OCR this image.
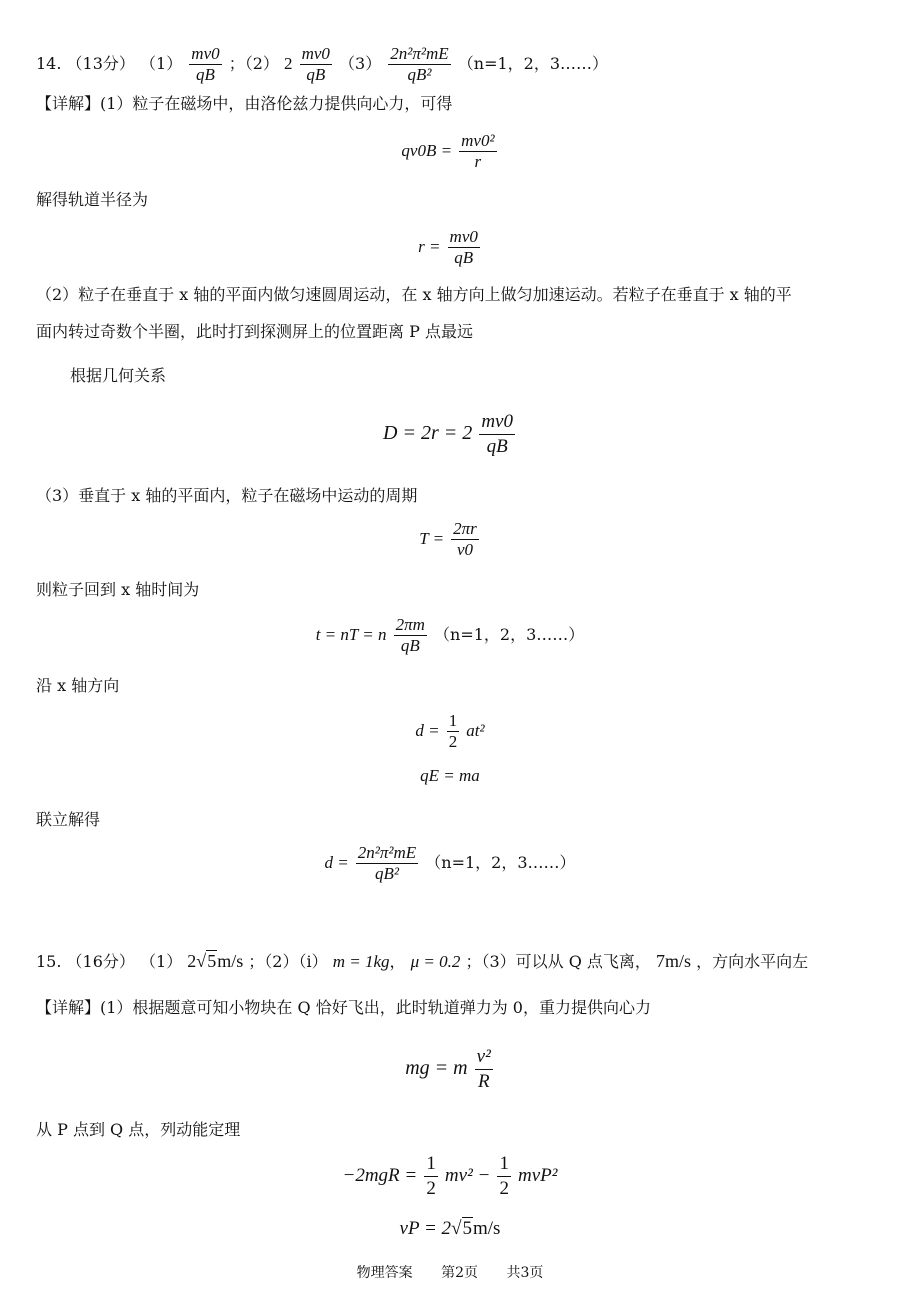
14. （13分） $(1) \frac{mv0}{qB}$ ；（2） $2 \frac{mv0}{qB} (3) \frac{\text{2n²π²mE}}{\text{qB²}} (n=1$，2，3……）
【详解】(1）粒子在磁场中，由洛伦兹力提供向心力，可得
$qv0B = \frac{\text{mv0²}}{r}$
解得轨道半径为
$r = \frac{mv0}{qB}$
（2）粒子在垂直于 x 轴的平面内做匀速圆周运动，在 x 轴方向上做匀加速运动。若粒子在垂直于 x 轴的平
面内转过奇数个半圈，此时打到探测屏上的位置距离 P 点最远
根据几何关系
$D = 2r = 2 \frac{mv0}{qB}$
（3）垂直于 x 轴的平面内，粒子在磁场中运动的周期
$T = \frac{2\pi r}{v0}$
则粒子回到 x 轴时间为
t = nT = n $\frac{2\pi m}{qB} (n=1$，2，3……）
沿 x 轴方向
$d = \frac{1}{2} at^2$
qE = ma
联立解得
$d = \frac{\text{2n²π²mE}}{\text{qB²}} (n=1$，2，3……）
15. （16分） （1） 2√5m/s ；（2）（i） m = 1kg， μ = 0.2 ；（3）可以从 Q 点飞离， 7m/s ，方向水平向左
【详解】(1）根据题意可知小物块在 Q 恰好飞出，此时轨道弹力为 0，重力提供向心力
mg = m $\frac{\text{v²}}{R}$
从 P 点到 Q 点，列动能定理
$-2mgR = \frac{1}{2} mv^2 - \frac{1}{2} mvP^2$
vP = 2√5m/s
物理答案 第2页 共3页
